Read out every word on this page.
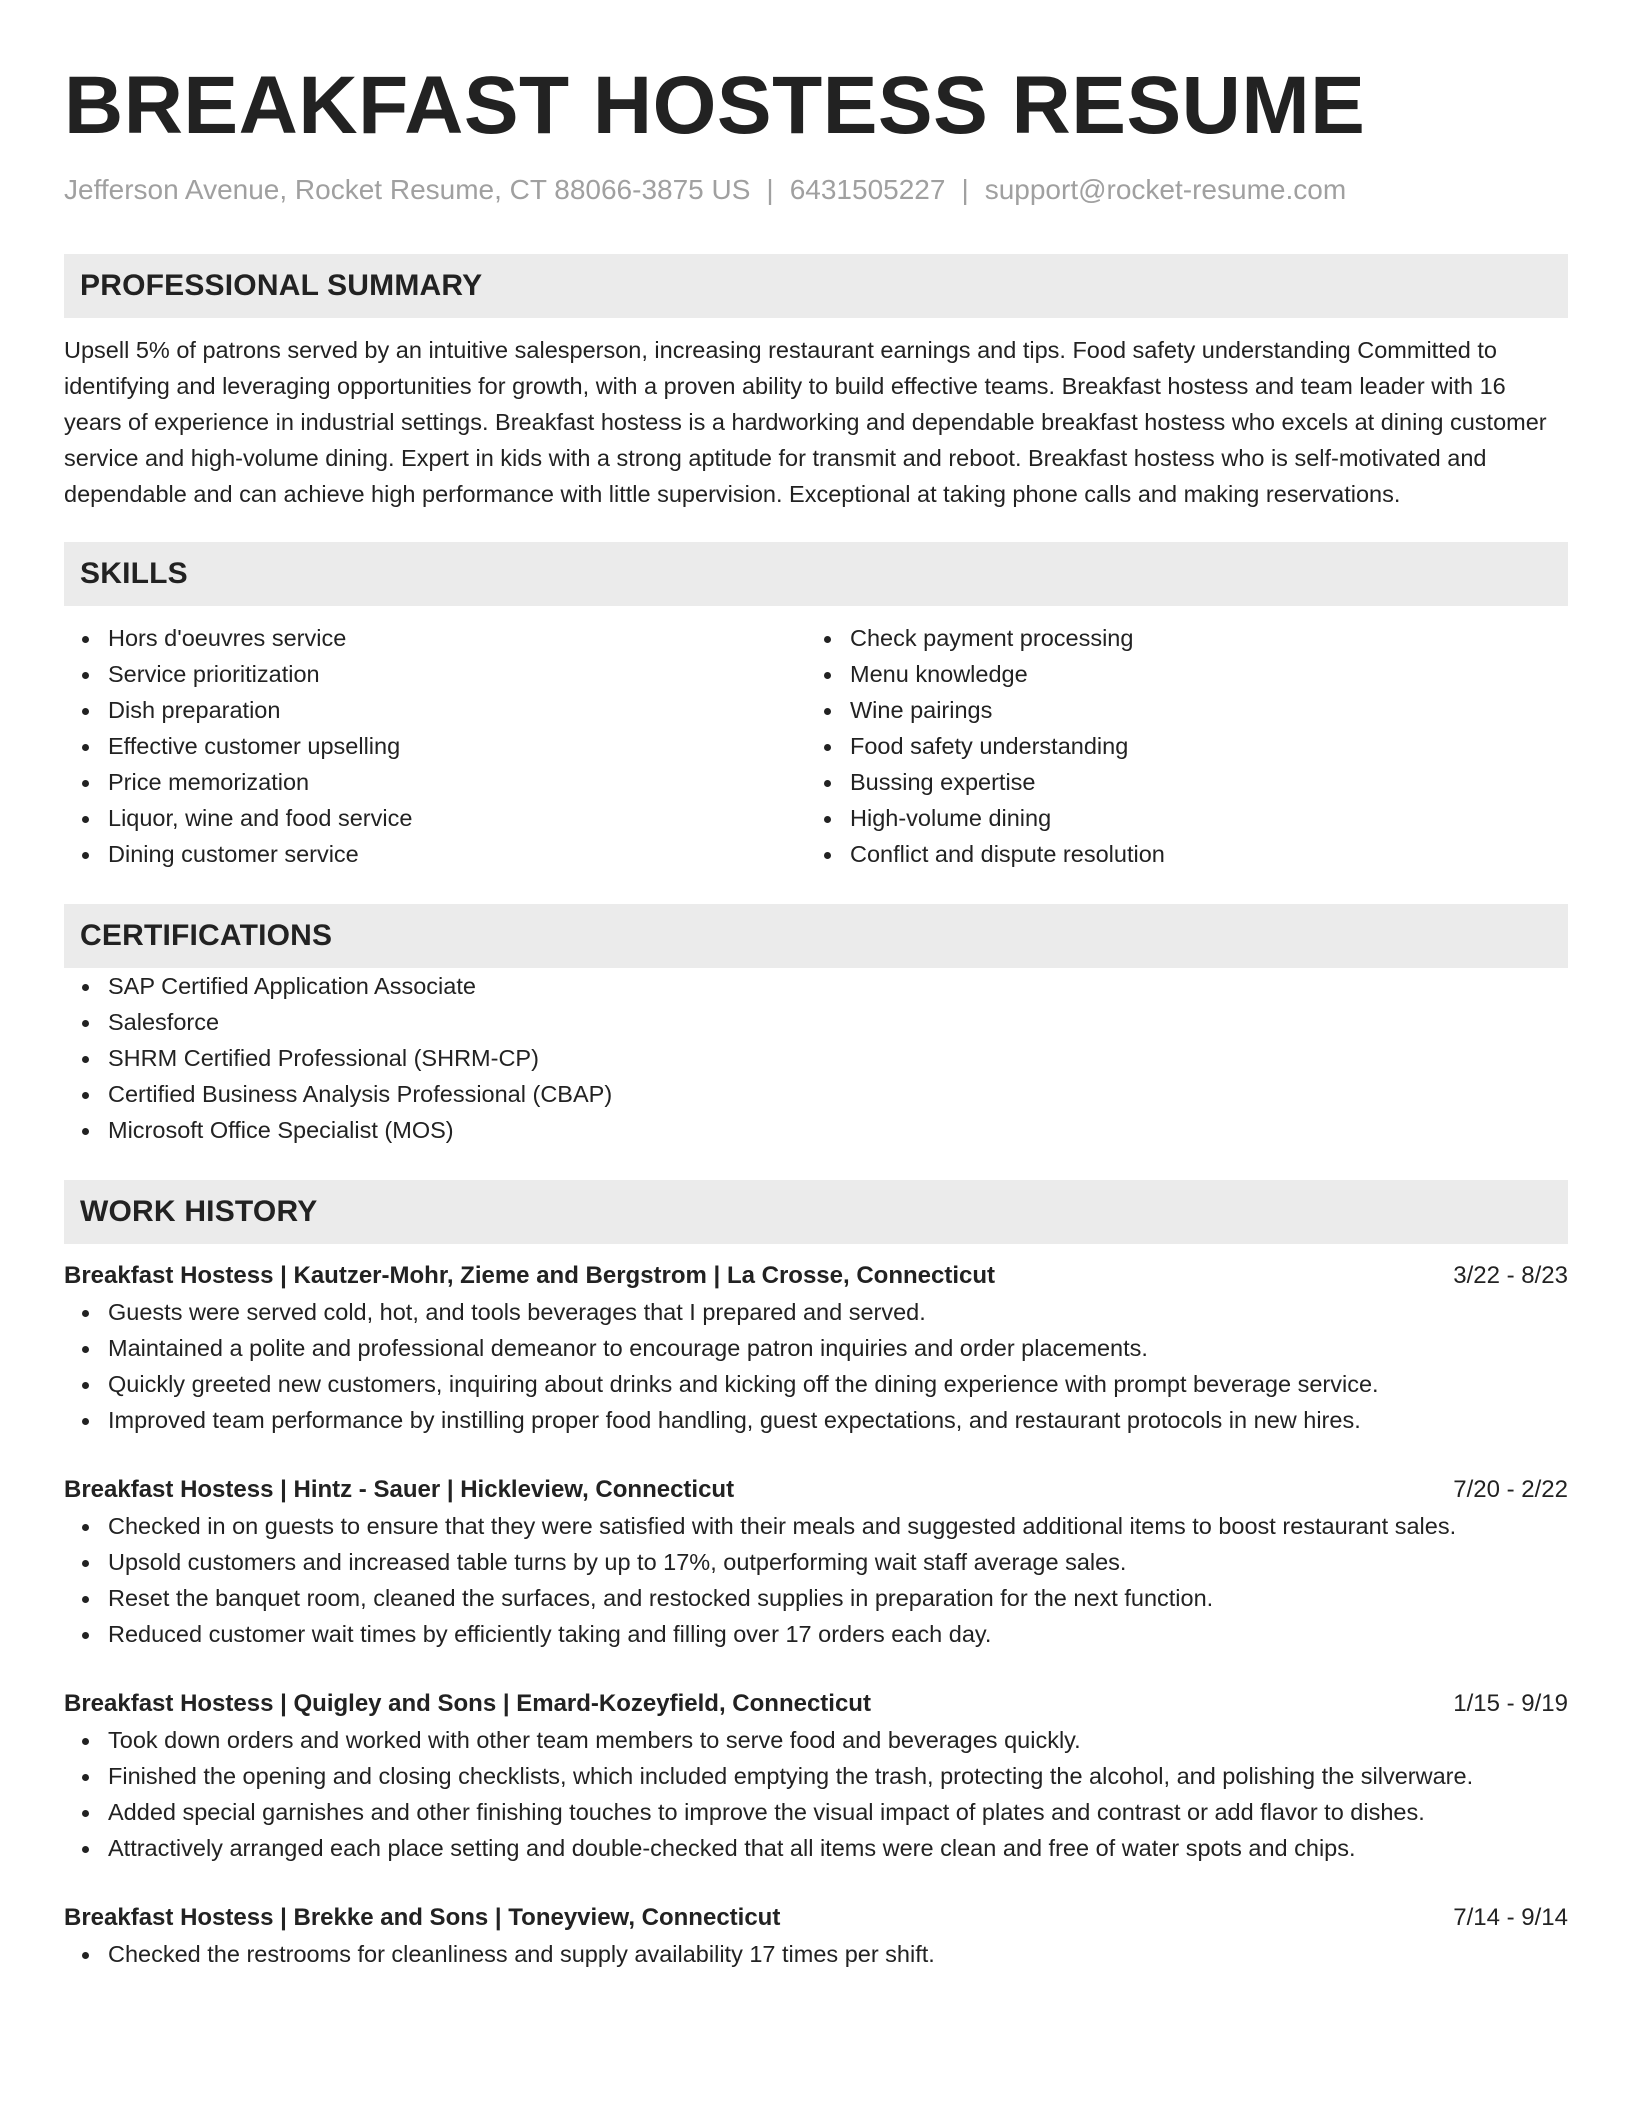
BREAKFAST HOSTESS RESUME
Jefferson Avenue, Rocket Resume, CT 88066-3875 US | 6431505227 | support@rocket-resume.com
PROFESSIONAL SUMMARY

Upsell 5% of patrons served by an intuitive salesperson, increasing restaurant earnings and tips. Food safety understanding Committed to identifying and leveraging opportunities for growth, with a proven ability to build effective teams. Breakfast hostess and team leader with 16 years of experience in industrial settings. Breakfast hostess is a hardworking and dependable breakfast hostess who excels at dining customer service and high-volume dining. Expert in kids with a strong aptitude for transmit and reboot. Breakfast hostess who is self-motivated and dependable and can achieve high performance with little supervision. Exceptional at taking phone calls and making reservations.

SKILLS
Hors d'oeuvres service
Service prioritization
Dish preparation
Effective customer upselling
Price memorization
Liquor, wine and food service
Dining customer service
Check payment processing
Menu knowledge
Wine pairings
Food safety understanding
Bussing expertise
High-volume dining
Conflict and dispute resolution
CERTIFICATIONS
SAP Certified Application Associate
Salesforce
SHRM Certified Professional (SHRM-CP)
Certified Business Analysis Professional (CBAP)
Microsoft Office Specialist (MOS)
WORK HISTORY
Breakfast Hostess | Kautzer-Mohr, Zieme and Bergstrom | La Crosse, Connecticut	3/22 - 8/23
Guests were served cold, hot, and tools beverages that I prepared and served.
Maintained a polite and professional demeanor to encourage patron inquiries and order placements.
Quickly greeted new customers, inquiring about drinks and kicking off the dining experience with prompt beverage service.
Improved team performance by instilling proper food handling, guest expectations, and restaurant protocols in new hires.
Breakfast Hostess | Hintz - Sauer | Hickleview, Connecticut	7/20 - 2/22
Checked in on guests to ensure that they were satisfied with their meals and suggested additional items to boost restaurant sales.
Upsold customers and increased table turns by up to 17%, outperforming wait staff average sales.
Reset the banquet room, cleaned the surfaces, and restocked supplies in preparation for the next function.
Reduced customer wait times by efficiently taking and filling over 17 orders each day.
Breakfast Hostess | Quigley and Sons | Emard-Kozeyfield, Connecticut	1/15 - 9/19
Took down orders and worked with other team members to serve food and beverages quickly.
Finished the opening and closing checklists, which included emptying the trash, protecting the alcohol, and polishing the silverware.
Added special garnishes and other finishing touches to improve the visual impact of plates and contrast or add flavor to dishes.
Attractively arranged each place setting and double-checked that all items were clean and free of water spots and chips.
Breakfast Hostess | Brekke and Sons | Toneyview, Connecticut	7/14 - 9/14
Checked the restrooms for cleanliness and supply availability 17 times per shift.
